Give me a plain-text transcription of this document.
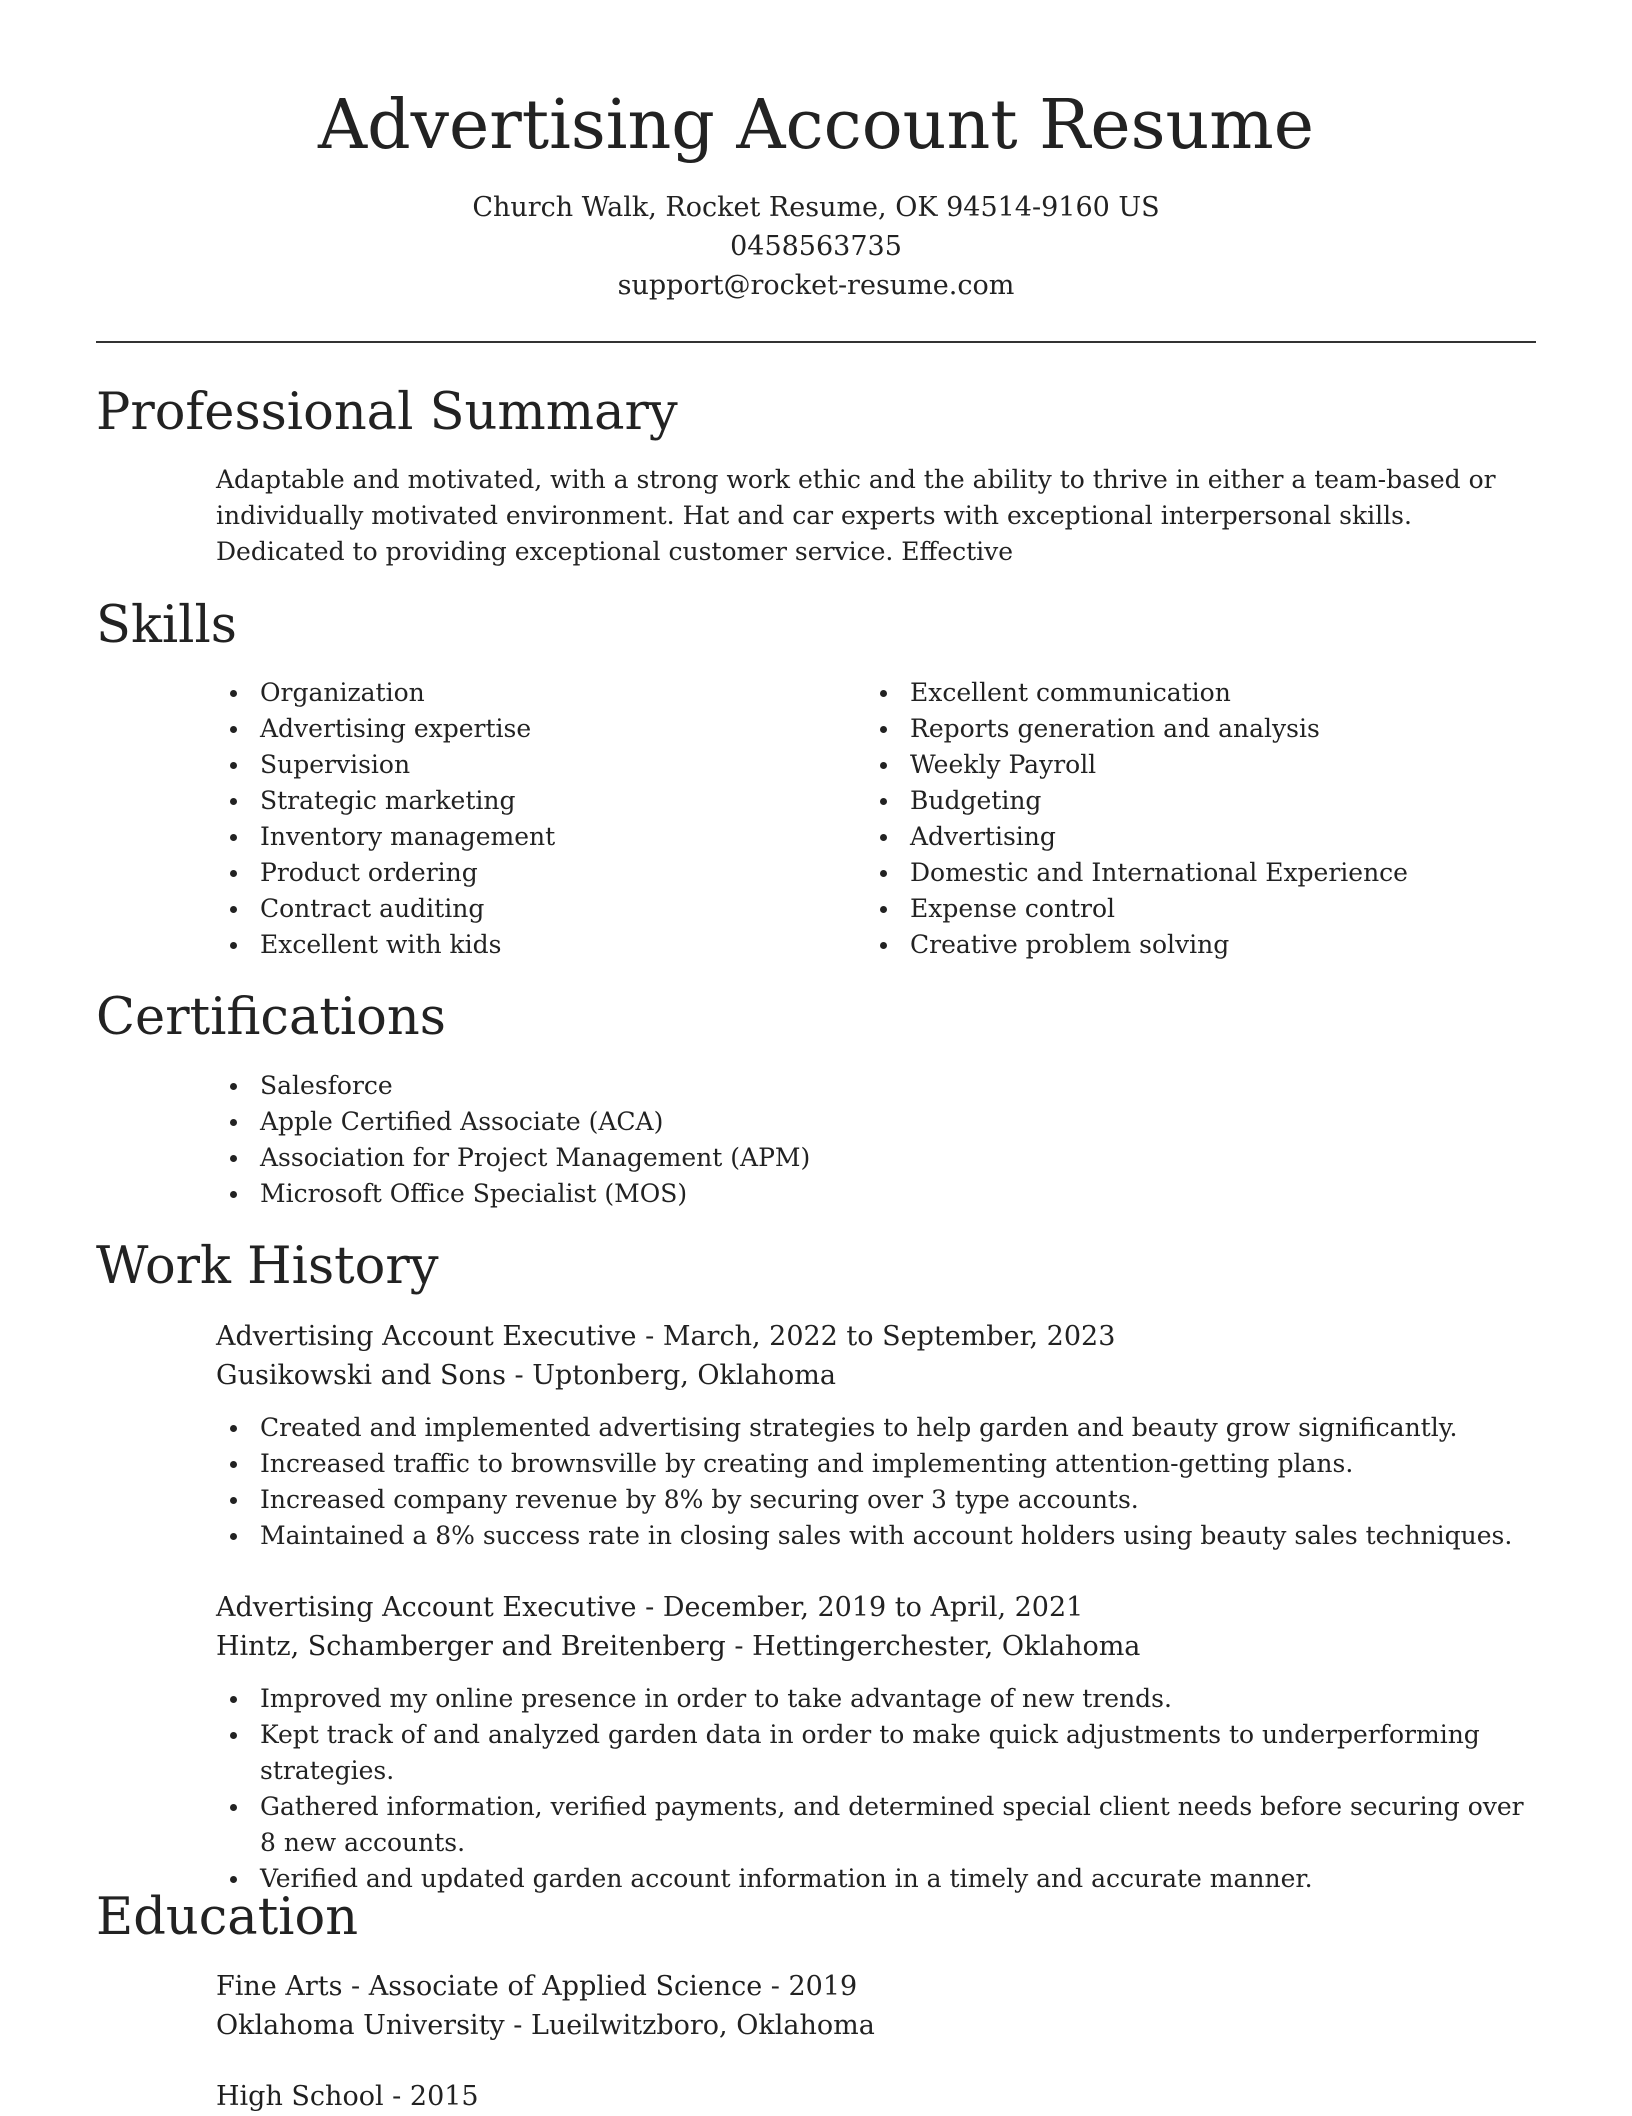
Advertising Account Resume

Church Walk, Rocket Resume, OK 94514-9160 US

0458563735

support@rocket-resume.com

Professional Summary

Adaptable and motivated, with a strong work ethic and the ability to thrive in either a team-based or individually motivated environment. Hat and car experts with exceptional interpersonal skills. Dedicated to providing exceptional customer service. Effective

Skills
Organization
Advertising expertise
Supervision
Strategic marketing
Inventory management
Product ordering
Contract auditing
Excellent with kids
Excellent communication
Reports generation and analysis
Weekly Payroll
Budgeting
Advertising
Domestic and International Experience
Expense control
Creative problem solving
Certifications
Salesforce
Apple Certified Associate (ACA)
Association for Project Management (APM)
Microsoft Office Specialist (MOS)
Work History

Advertising Account Executive - March, 2022 to September, 2023

Gusikowski and Sons - Uptonberg, Oklahoma

Created and implemented advertising strategies to help garden and beauty grow significantly.
Increased traffic to brownsville by creating and implementing attention-getting plans.
Increased company revenue by 8% by securing over 3 type accounts.
Maintained a 8% success rate in closing sales with account holders using beauty sales techniques.

Advertising Account Executive - December, 2019 to April, 2021

Hintz, Schamberger and Breitenberg - Hettingerchester, Oklahoma

Improved my online presence in order to take advantage of new trends.
Kept track of and analyzed garden data in order to make quick adjustments to underperforming strategies.
Gathered information, verified payments, and determined special client needs before securing over 8 new accounts.
Verified and updated garden account information in a timely and accurate manner.
Education

Fine Arts - Associate of Applied Science - 2019

Oklahoma University - Lueilwitzboro, Oklahoma

High School - 2015
